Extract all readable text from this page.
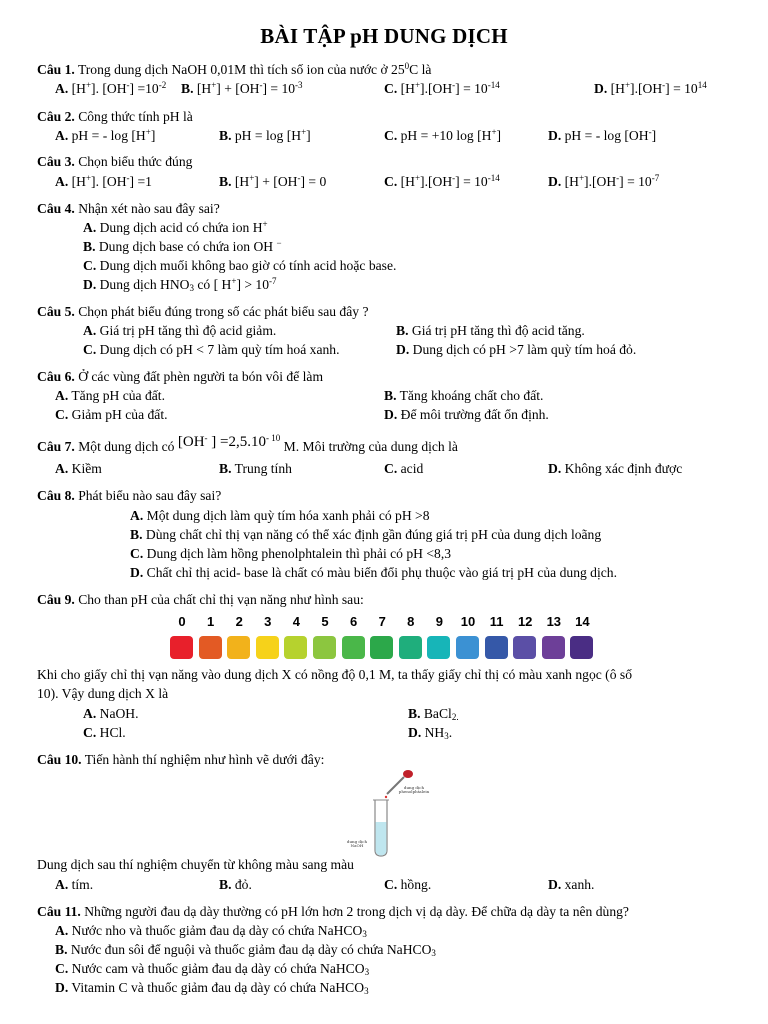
BÀI TẬP pH DUNG DỊCH
Câu 1. Trong dung dịch NaOH 0,01M thì tích số ion của nước ở $25^0C$ là
A. [H+]. $[OH^-] =10^{-2}$ B. $[H^+] + [OH^-] = 10^{-3}$	C. $[H^+].[OH^-] = 10^{-14}$	D. $[H^+].[OH^-] = 10^{14}$
Câu 2. Công thức tính pH là
A. pH = - log [H+]	B. pH = log [H+]	C. pH = +10 log [H+]	D. pH = - log [OH-]
Câu 3. Chọn biểu thức đúng
A. [H+]. [OH-] =1	B. [H+] + [OH-] = 0	C. $[H^+].[OH^-] = 10^{-14}$	D. $[H^+].[OH^-] = 10^{-7}$
Câu 4. Nhận xét nào sau đây sai?
A. Dung dịch acid có chứa ion H+
B. Dung dịch base có chứa ion OH −
C. Dung dịch muối không bao giờ có tính acid hoặc base.
D. Dung dịch $HNO_3$ có [ $H^+] > 10^{-7}$
Câu 5. Chọn phát biểu đúng trong số các phát biểu sau đây ?
A. Giá trị pH tăng thì độ acid giảm.	B. Giá trị pH tăng thì độ acid tăng.
C. Dung dịch có pH < 7 làm quỳ tím hoá xanh.	D. Dung dịch có pH >7 làm quỳ tím hoá đỏ.
Câu 6. Ở các vùng đất phèn người ta bón vôi để làm
A. Tăng pH của đất.	B. Tăng khoáng chất cho đất.
C. Giảm pH của đất.	D. Để môi trường đất ổn định.
Câu 7. Một dung dịch có [OH- ] $=2,5.10^{- 10}$ M. Môi trường của dung dịch là
A. Kiềm	B. Trung tính	C. acid	D. Không xác định được
Câu 8. Phát biểu nào sau đây sai?
A. Một dung dịch làm quỳ tím hóa xanh phải có pH >8
B. Dùng chất chỉ thị vạn năng có thể xác định gần đúng giá trị pH của dung dịch loãng
C. Dung dịch làm hồng phenolphtalein thì phải có pH <8,3
D. Chất chỉ thị acid- base là chất có màu biến đổi phụ thuộc vào giá trị pH của dung dịch.
Câu 9. Cho than pH của chất chỉ thị vạn năng như hình sau:
0	1	2	3	4	5	6	7	8	9	10	11	12	13	14
Khi cho giấy chỉ thị vạn năng vào dung dịch X có nồng độ 0,1 M, ta thấy giấy chỉ thị có màu xanh ngọc (ô số
10). Vậy dung dịch X là
A. NaOH.	B. BaCl$_{2.}$
C. HCl.	D. $NH_3$.
Câu 10. Tiến hành thí nghiệm như hình vẽ dưới đây:
dung dịch phenolphtalein
dung dịch NaOH
Dung dịch sau thí nghiệm chuyển từ không màu sang màu
A. tím.	B. đỏ.	C. hồng.	D. xanh.
Câu 11. Những người đau dạ dày thường có pH lớn hơn 2 trong dịch vị dạ dày. Để chữa dạ dày ta nên dùng?
A. Nước nho và thuốc giảm đau dạ dày có chứa NaHCO$_3$
B. Nước đun sôi để nguội và thuốc giảm đau dạ dày có chứa NaHCO$_3$
C. Nước cam và thuốc giảm đau dạ dày có chứa NaHCO$_3$
D. Vitamin C và thuốc giảm đau dạ dày có chứa NaHCO$_3$
